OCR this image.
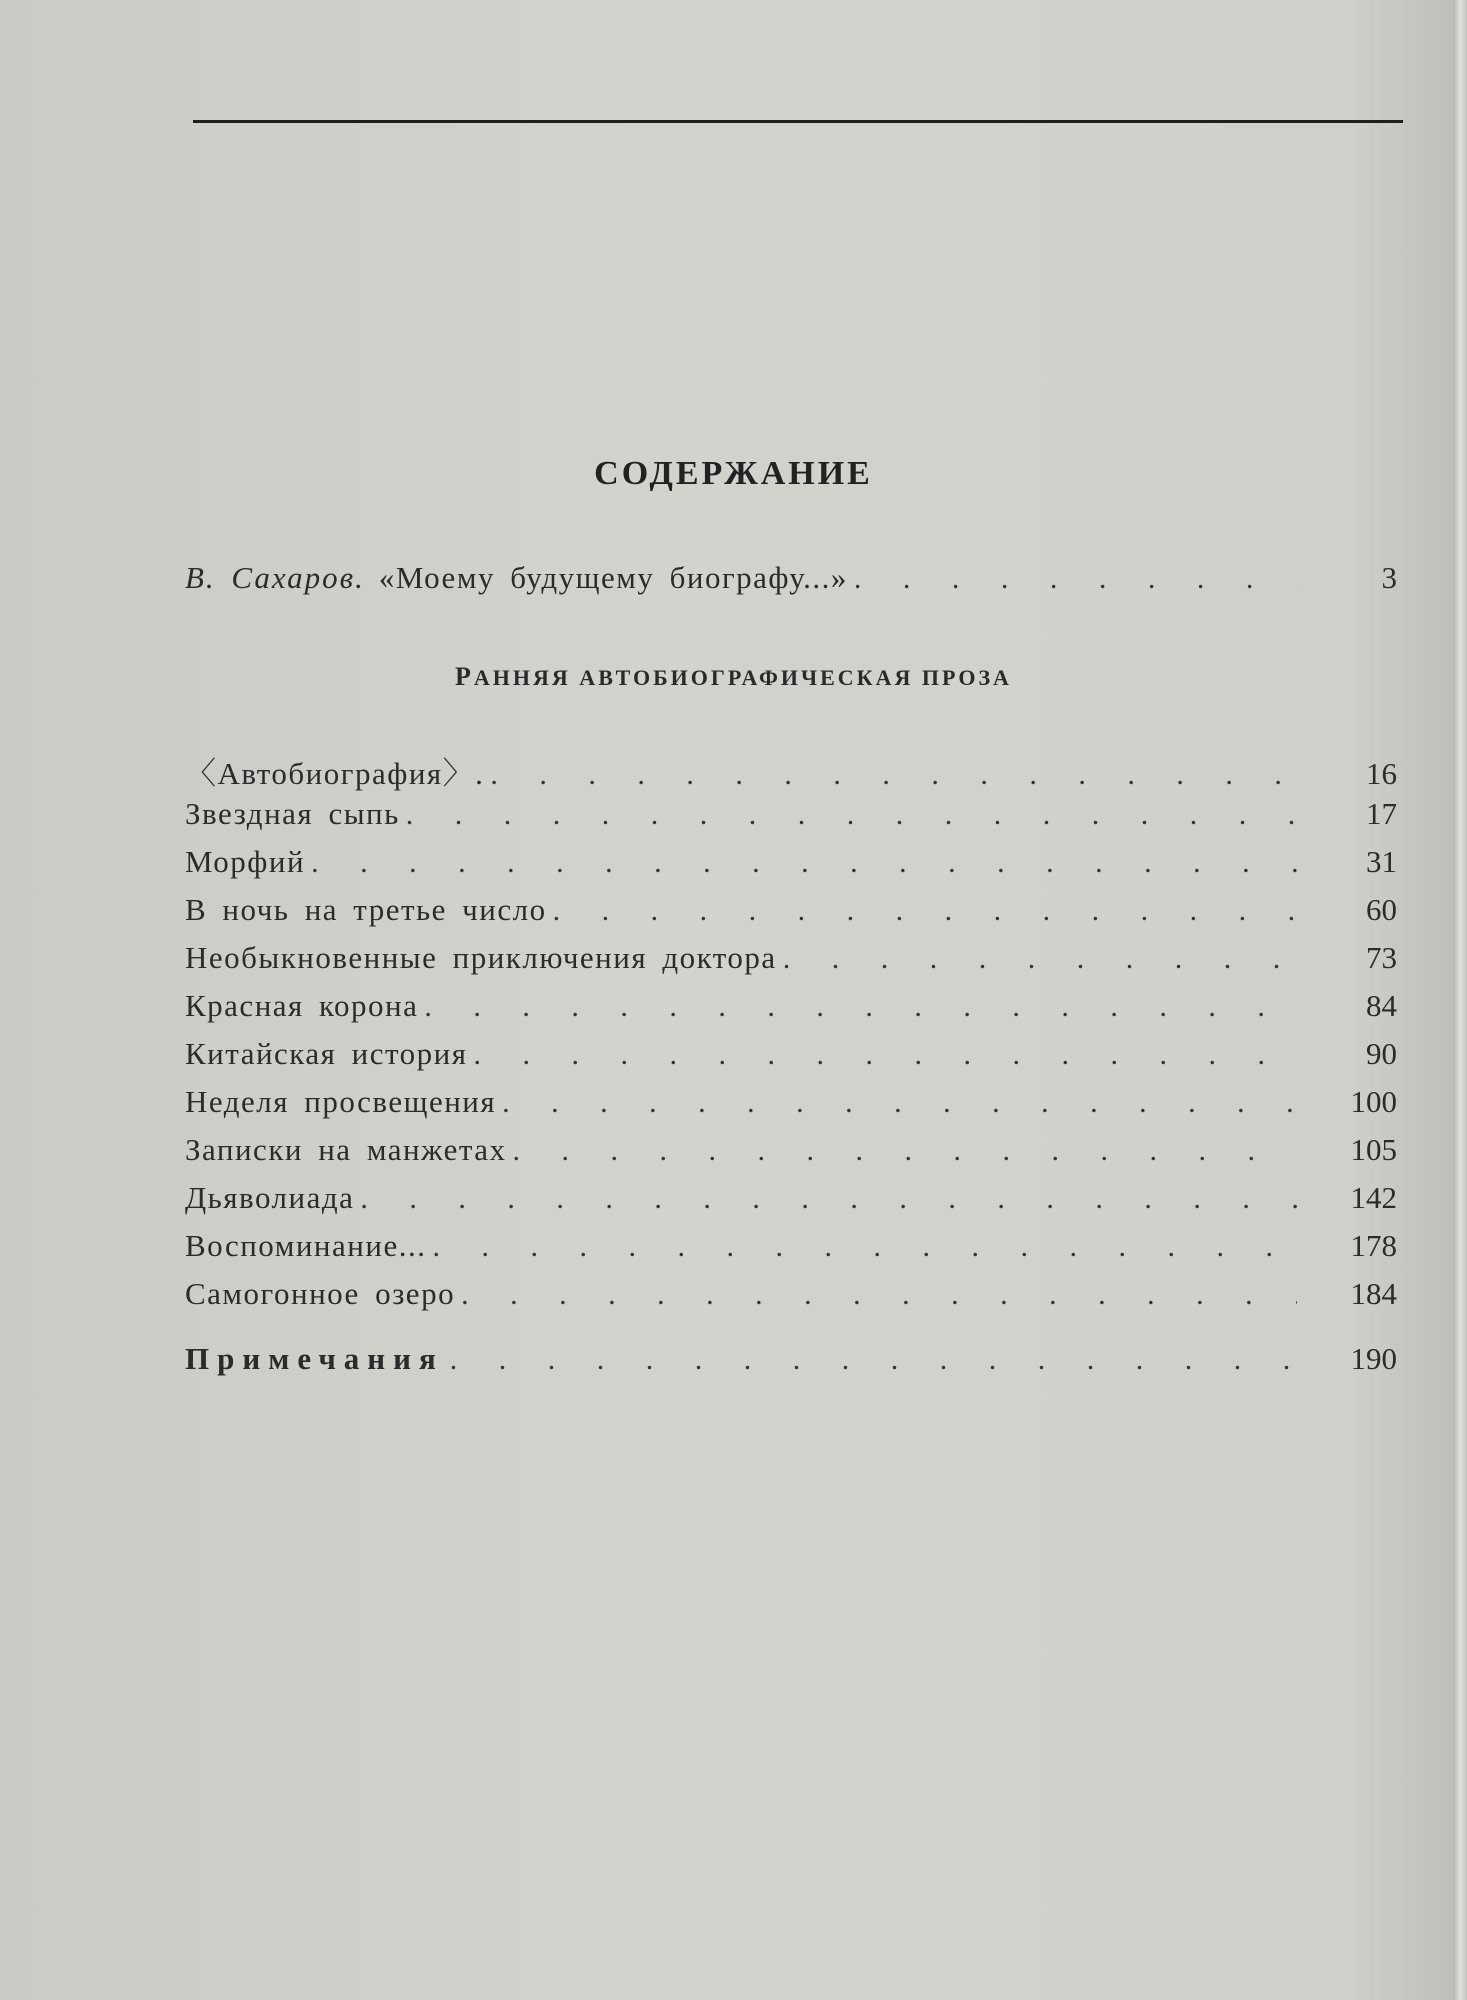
СОДЕРЖАНИЕ
В. Сахаров. «Моему будущему биографу...» . . .	3
РАННЯЯ АВТОБИОГРАФИЧЕСКАЯ ПРОЗА
〈Автобиография〉. . . .	16
Звездная сыпь . . .	17
Морфий . . .	31
В ночь на третье число . . .	60
Необыкновенные приключения доктора . . .	73
Красная корона . . .	84
Китайская история . . .	90
Неделя просвещения . . .	100
Записки на манжетах . . .	105
Дьяволиада . . .	142
Воспоминание... . . .	178
Самогонное озеро . . .	184
Примечания . . .	190
